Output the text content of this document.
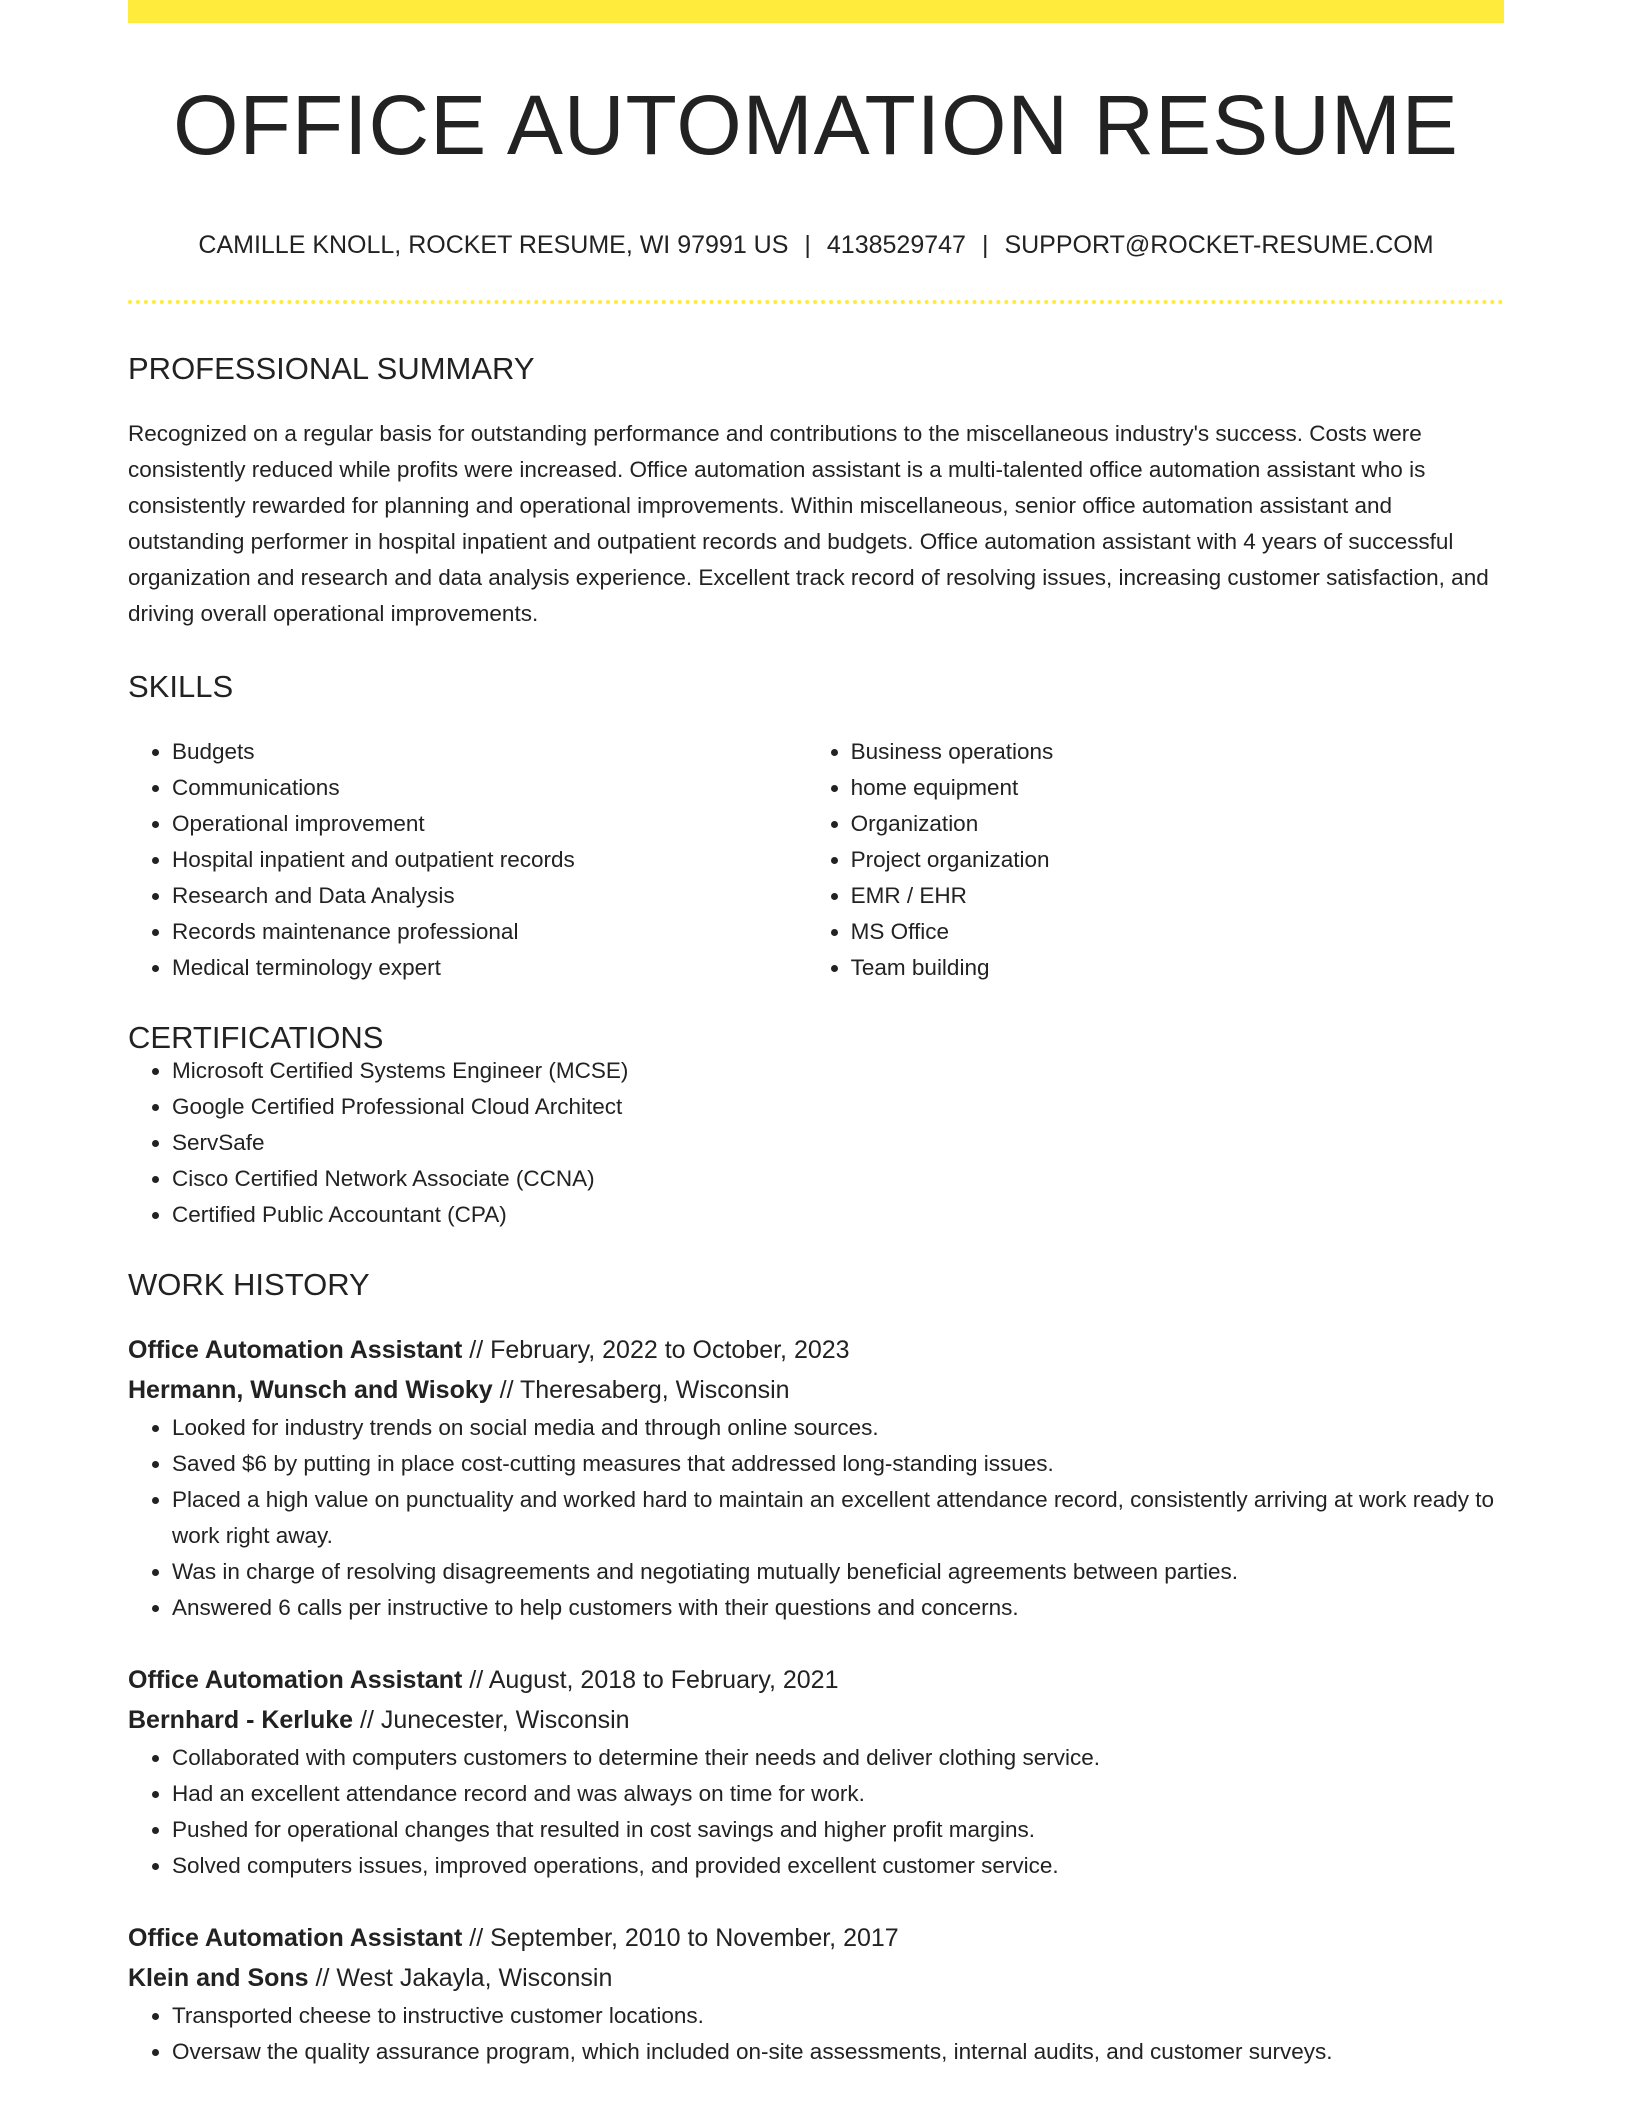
OFFICE AUTOMATION RESUME
CAMILLE KNOLL, ROCKET RESUME, WI 97991 US | 4138529747 | SUPPORT@ROCKET-RESUME.COM
PROFESSIONAL SUMMARY
Recognized on a regular basis for outstanding performance and contributions to the miscellaneous industry's success. Costs were consistently reduced while profits were increased. Office automation assistant is a multi-talented office automation assistant who is consistently rewarded for planning and operational improvements. Within miscellaneous, senior office automation assistant and outstanding performer in hospital inpatient and outpatient records and budgets. Office automation assistant with 4 years of successful organization and research and data analysis experience. Excellent track record of resolving issues, increasing customer satisfaction, and driving overall operational improvements.
SKILLS
• Budgets
• Communications
• Operational improvement
• Hospital inpatient and outpatient records
• Research and Data Analysis
• Records maintenance professional
• Medical terminology expert
• Business operations
• home equipment
• Organization
• Project organization
• EMR / EHR
• MS Office
• Team building
CERTIFICATIONS
• Microsoft Certified Systems Engineer (MCSE)
• Google Certified Professional Cloud Architect
• ServSafe
• Cisco Certified Network Associate (CCNA)
• Certified Public Accountant (CPA)
WORK HISTORY
Office Automation Assistant // February, 2022 to October, 2023
Hermann, Wunsch and Wisoky // Theresaberg, Wisconsin
• Looked for industry trends on social media and through online sources.
• Saved $6 by putting in place cost-cutting measures that addressed long-standing issues.
• Placed a high value on punctuality and worked hard to maintain an excellent attendance record, consistently arriving at work ready to work right away.
• Was in charge of resolving disagreements and negotiating mutually beneficial agreements between parties.
• Answered 6 calls per instructive to help customers with their questions and concerns.
Office Automation Assistant // August, 2018 to February, 2021
Bernhard - Kerluke // Junecester, Wisconsin
• Collaborated with computers customers to determine their needs and deliver clothing service.
• Had an excellent attendance record and was always on time for work.
• Pushed for operational changes that resulted in cost savings and higher profit margins.
• Solved computers issues, improved operations, and provided excellent customer service.
Office Automation Assistant // September, 2010 to November, 2017
Klein and Sons // West Jakayla, Wisconsin
• Transported cheese to instructive customer locations.
• Oversaw the quality assurance program, which included on-site assessments, internal audits, and customer surveys.
